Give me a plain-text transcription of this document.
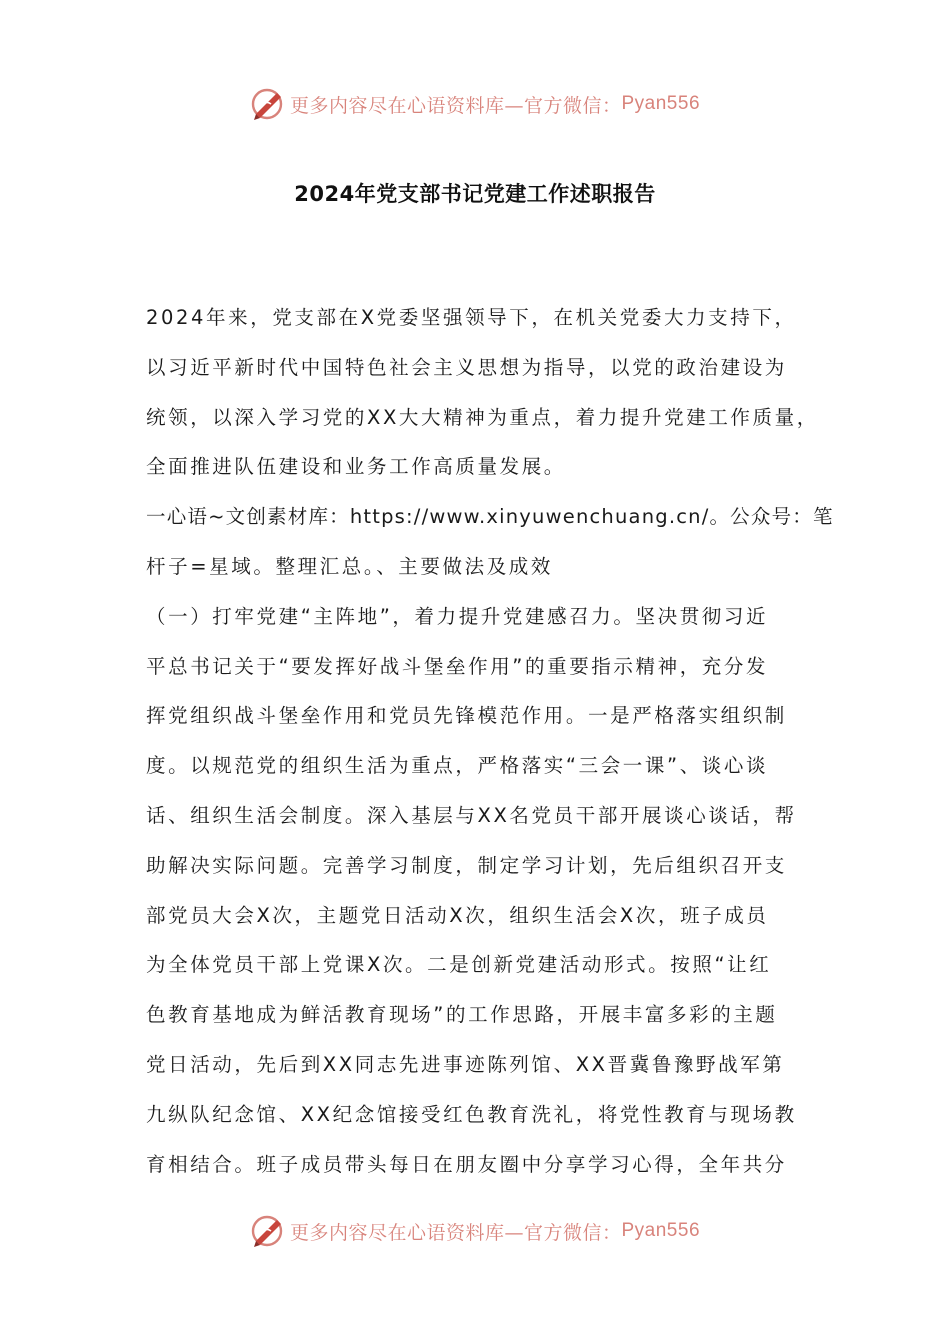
更多内容尽在心语资料库—官方微信： Pyan556
2024年党支部书记党建工作述职报告
2024年来，党支部在X党委坚强领导下，在机关党委大力支持下，
以习近平新时代中国特色社会主义思想为指导，以党的政治建设为
统领，以深入学习党的XX大大精神为重点，着力提升党建工作质量，
全面推进队伍建设和业务工作高质量发展。
一心语~文创素材库：https://www.xinyuwenchuang.cn/。公众号：笔
杆子=星域。整理汇总。、主要做法及成效
（一）打牢党建“主阵地”，着力提升党建感召力。坚决贯彻习近
平总书记关于“要发挥好战斗堡垒作用”的重要指示精神，充分发
挥党组织战斗堡垒作用和党员先锋模范作用。一是严格落实组织制
度。以规范党的组织生活为重点，严格落实“三会一课”、谈心谈
话、组织生活会制度。深入基层与XX名党员干部开展谈心谈话，帮
助解决实际问题。完善学习制度，制定学习计划，先后组织召开支
部党员大会X次，主题党日活动X次，组织生活会X次，班子成员
为全体党员干部上党课X次。二是创新党建活动形式。按照“让红
色教育基地成为鲜活教育现场”的工作思路，开展丰富多彩的主题
党日活动，先后到XX同志先进事迹陈列馆、XX晋冀鲁豫野战军第
九纵队纪念馆、XX纪念馆接受红色教育洗礼，将党性教育与现场教
育相结合。班子成员带头每日在朋友圈中分享学习心得，全年共分
更多内容尽在心语资料库—官方微信： Pyan556
